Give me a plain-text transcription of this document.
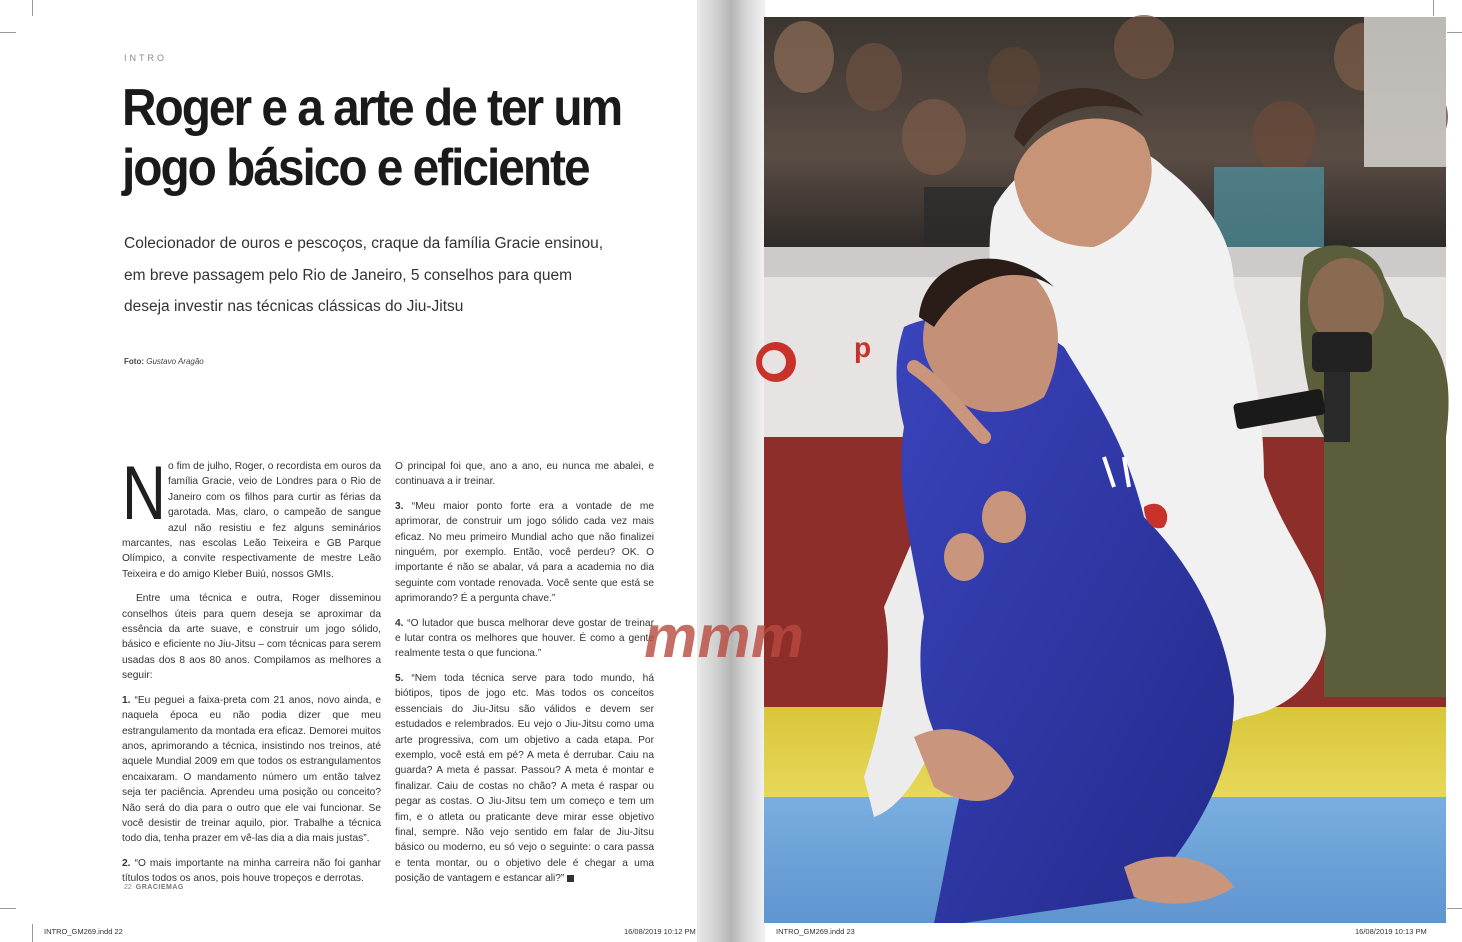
INTRO
Roger e a arte de ter um jogo básico e eficiente
Colecionador de ouros e pescoços, craque da família Gracie ensinou,
em breve passagem pelo Rio de Janeiro, 5 conselhos para quem
deseja investir nas técnicas clássicas do Jiu-Jitsu
Foto: Gustavo Aragão

No fim de julho, Roger, o recordista em ouros da família Gracie, veio de Londres para o Rio de Janeiro com os filhos para curtir as férias da garotada. Mas, claro, o campeão de sangue azul não resistiu e fez alguns seminários marcantes, nas escolas Leão Teixeira e GB Parque Olímpico, a convite respectivamente de mestre Leão Teixeira e do amigo Kleber Buiú, nossos GMIs.

Entre uma técnica e outra, Roger disseminou conselhos úteis para quem deseja se aproximar da essência da arte suave, e construir um jogo sólido, básico e eficiente no Jiu-Jitsu – com técnicas para serem usadas dos 8 aos 80 anos. Compilamos as melhores a seguir:

1. “Eu peguei a faixa-preta com 21 anos, novo ainda, e naquela época eu não podia dizer que meu estrangulamento da montada era eficaz. Demorei muitos anos, aprimorando a técnica, insistindo nos treinos, até aquele Mundial 2009 em que todos os estrangulamentos encaixaram. O mandamento número um então talvez seja ter paciência. Aprendeu uma posição ou conceito? Não será do dia para o outro que ele vai funcionar. Se você desistir de treinar aquilo, pior. Trabalhe a técnica todo dia, tenha prazer em vê-las dia a dia mais justas”.

2. “O mais importante na minha carreira não foi ganhar títulos todos os anos, pois houve tropeços e derrotas.

O principal foi que, ano a ano, eu nunca me abalei, e continuava a ir treinar.

3. “Meu maior ponto forte era a vontade de me aprimorar, de construir um jogo sólido cada vez mais eficaz. No meu primeiro Mundial acho que não finalizei ninguém, por exemplo. Então, você perdeu? OK. O importante é não se abalar, vá para a academia no dia seguinte com vontade renovada. Você sente que está se aprimorando? É a pergunta chave.”

4. “O lutador que busca melhorar deve gostar de treinar e lutar contra os melhores que houver. É como a gente realmente testa o que funciona.”

5. “Nem toda técnica serve para todo mundo, há biótipos, tipos de jogo etc. Mas todos os conceitos essenciais do Jiu-Jitsu são válidos e devem ser estudados e relembrados. Eu vejo o Jiu-Jitsu como uma arte progressiva, com um objetivo a cada etapa. Por exemplo, você está em pé? A meta é derrubar. Caiu na guarda? A meta é passar. Passou? A meta é montar e finalizar. Caiu de costas no chão? A meta é raspar ou pegar as costas. O Jiu-Jitsu tem um começo e tem um fim, e o atleta ou praticante deve mirar esse objetivo final, sempre. Não vejo sentido em falar de Jiu-Jitsu básico ou moderno, eu só vejo o seguinte: o cara passa e tenta montar, ou o objetivo dele é chegar a uma posição de vantagem e estancar ali?”

22 GRACIEMAG
INTRO_GM269.indd 22	16/08/2019 10:12 PM	INTRO_GM269.indd 23	16/08/2019 10:13 PM
p
mmm
